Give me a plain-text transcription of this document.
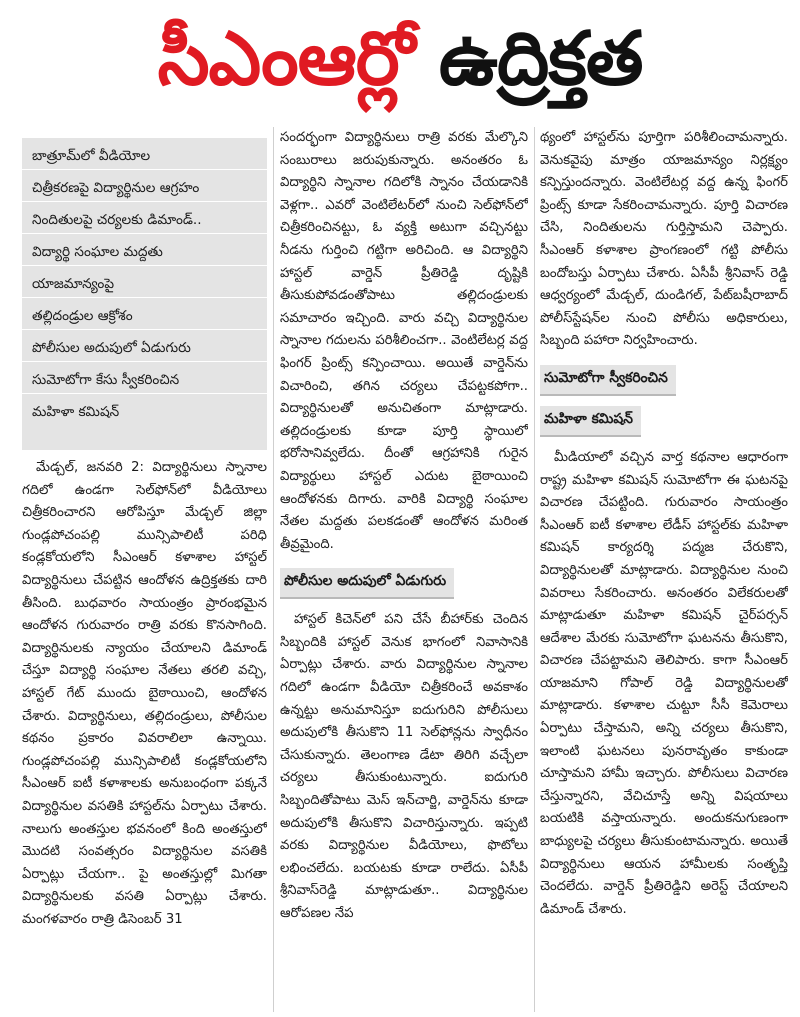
సీఎంఆర్ ఉద్రిక్తత
బాత్రూమ్‌లో వీడియోల
చిత్రీకరణపై విద్యార్థినుల ఆగ్రహం
నిందితులపై చర్యలకు డిమాండ్‌..
విద్యార్థి సంఘాల మద్దతు
యాజమాన్యంపై
తల్లిదండ్రుల ఆక్రోశం
పోలీసుల అదుపులో ఏడుగురు
సుమోటోగా కేసు స్వీకరించిన
మహిళా కమిషన్‌

మేడ్చల్‌, జనవరి 2: విద్యార్థినులు స్నానాల గదిలో ఉండగా సెల్‌ఫోన్‌లో వీడియోలు చిత్రీకరించారని ఆరోపిస్తూ మేడ్చల్‌ జిల్లా గుండ్లపోచంపల్లి మున్సిపాలిటీ పరిధి కండ్లకోయలోని సీఎంఆర్‌ కళాశాల హాస్టల్‌ విద్యార్థినులు చేపట్టిన ఆందోళన ఉద్రిక్తతకు దారి తీసింది. బుధవారం సాయంత్రం ప్రారంభమైన ఆందోళన గురువారం రాత్రి వరకు కొనసాగింది. విద్యార్థినులకు న్యాయం చేయాలని డిమాండ్‌ చేస్తూ విద్యార్థి సంఘాల నేతలు తరలి వచ్చి, హాస్టల్‌ గేట్‌ ముందు బైఠాయించి, ఆందోళన చేశారు. విద్యార్థినులు, తల్లిదండ్రులు, పోలీసుల కథనం ప్రకారం వివరాలిలా ఉన్నాయి. గుండ్లపోచంపల్లి మున్సిపాలిటీ కండ్లకోయలోని సీఎంఆర్‌ ఐటీ కళాశాలకు అనుబంధంగా పక్కనే విద్యార్థినుల వసతికి హాస్టల్‌ను ఏర్పాటు చేశారు. నాలుగు అంతస్తుల భవనంలో కింది అంతస్తులో మొదటి సంవత్సరం విద్యార్థినుల వసతికి ఏర్పాట్లు చేయగా.. పై అంతస్తుల్లో మిగతా విద్యార్థినులకు వసతి ఏర్పాట్లు చేశారు. మంగళవారం రాత్రి డిసెంబర్‌ 31

సందర్భంగా విద్యార్థినులు రాత్రి వరకు మేల్కొని సంబురాలు జరుపుకున్నారు. అనంతరం ఓ విద్యార్థిని స్నానాల గదిలోకి స్నానం చేయడానికి వెళ్లగా.. ఎవరో వెంటిలేటర్‌లో నుంచి సెల్‌ఫోన్‌లో చిత్రీకరించినట్టు, ఓ వ్యక్తి అటుగా వచ్చినట్టు నీడను గుర్తించి గట్టిగా అరిచింది. ఆ విద్యార్థిని హాస్టల్‌ వార్డెన్‌ ప్రీతిరెడ్డి దృష్టికి తీసుకుపోవడంతోపాటు తల్లిదండ్రులకు సమాచారం ఇచ్చింది. వారు వచ్చి విద్యార్థినుల స్నానాల గదులను పరిశీలించగా.. వెంటిలేటర్ల వద్ద ఫింగర్‌ ప్రింట్స్‌ కన్పించాయి. అయితే వార్డెన్‌ను విచారించి, తగిన చర్యలు చేపట్టకపోగా.. విద్యార్థినులతో అనుచితంగా మాట్లాడారు. తల్లిదండ్రులకు కూడా పూర్తి స్థాయిలో భరోసానివ్వలేదు. దీంతో ఆగ్రహానికి గురైన విద్యార్థులు హాస్టల్‌ ఎదుట బైఠాయించి ఆందోళనకు దిగారు. వారికి విద్యార్థి సంఘాల నేతల మద్దతు పలకడంతో ఆందోళన మరింత తీవ్రమైంది.

పోలీసుల అదుపులో ఏడుగురు

హాస్టల్‌ కిచెన్‌లో పని చేసే బీహార్‌కు చెందిన సిబ్బందికి హాస్టల్‌ వెనుక భాగంలో నివాసానికి ఏర్పాట్లు చేశారు. వారు విద్యార్థినుల స్నానాల గదిలో ఉండగా వీడియో చిత్రీకరించే అవకాశం ఉన్నట్టు అనుమానిస్తూ ఐదుగురిని పోలీసులు అదుపులోకి తీసుకొని 11 సెల్‌ఫోన్లను స్వాధీనం చేసుకున్నారు. తెలంగాణ డేటా తిరిగి వచ్చేలా చర్యలు తీసుకుంటున్నారు. ఐదుగురి సిబ్బందితోపాటు మెస్‌ ఇన్‌చార్జి, వార్డెన్‌ను కూడా అదుపులోకి తీసుకొని విచారిస్తున్నారు. ఇప్పటి వరకు విద్యార్థినుల వీడియోలు, ఫొటోలు లభించలేదు. బయటకు కూడా రాలేదు. ఏసీపీ శ్రీనివాస్‌రెడ్డి మాట్లాడుతూ.. విద్యార్థినుల ఆరోపణల నేప

థ్యంలో హాస్టల్‌ను పూర్తిగా పరిశీలించామన్నారు. వెనుకవైపు మాత్రం యాజమాన్యం నిర్లక్ష్యం కన్పిస్తుందన్నారు. వెంటిలేటర్ల వద్ద ఉన్న ఫింగర్‌ ప్రింట్స్‌ కూడా సేకరించామన్నారు. పూర్తి విచారణ చేసి, నిందితులను గుర్తిస్తామని చెప్పారు. సీఎంఆర్‌ కళాశాల ప్రాంగణంలో గట్టి పోలీసు బందోబస్తు ఏర్పాటు చేశారు. ఏసీపీ శ్రీనివాస్‌ రెడ్డి ఆధ్వర్యంలో మేడ్చల్‌, దుండిగల్‌, పేట్‌బషీరాబాద్‌ పోలీస్‌స్టేషన్‌ల నుంచి పోలీసు అధికారులు, సిబ్బంది పహారా నిర్వహించారు.

సుమోటోగా స్వీకరించిన
మహిళా కమిషన్‌

మీడియాలో వచ్చిన వార్త కథనాల ఆధారంగా రాష్ట్ర మహిళా కమిషన్‌ సుమోటోగా ఈ ఘటనపై విచారణ చేపట్టింది. గురువారం సాయంత్రం సీఎంఆర్‌ ఐటీ కళాశాల లేడీస్‌ హాస్టల్‌కు మహిళా కమిషన్‌ కార్యదర్శి పద్మజ చేరుకొని, విద్యార్థినులతో మాట్లాడారు. విద్యార్థినుల నుంచి వివరాలు సేకరించారు. అనంతరం విలేకరులతో మాట్లాడుతూ మహిళా కమిషన్‌ చైర్‌పర్సన్‌ ఆదేశాల మేరకు సుమోటోగా ఘటనను తీసుకొని, విచారణ చేపట్టామని తెలిపారు. కాగా సీఎంఆర్‌ యాజమాని గోపాల్‌ రెడ్డి విద్యార్థినులతో మాట్లాడారు. కళాశాల చుట్టూ సీసీ కెమెరాలు ఏర్పాటు చేస్తామని, అన్ని చర్యలు తీసుకొని, ఇలాంటి ఘటనలు పునరావృతం కాకుండా చూస్తామని హామీ ఇచ్చారు. పోలీసులు విచారణ చేస్తున్నారని, వేచిచూస్తే అన్ని విషయాలు బయటికి వస్తాయన్నారు. అందుకనుగుణంగా బాధ్యులపై చర్యలు తీసుకుంటామన్నారు. అయితే విద్యార్థినులు ఆయన హామీలకు సంతృప్తి చెందలేదు. వార్డెన్‌ ప్రీతిరెడ్డిని అరెస్ట్‌ చేయాలని డిమాండ్‌ చేశారు.
